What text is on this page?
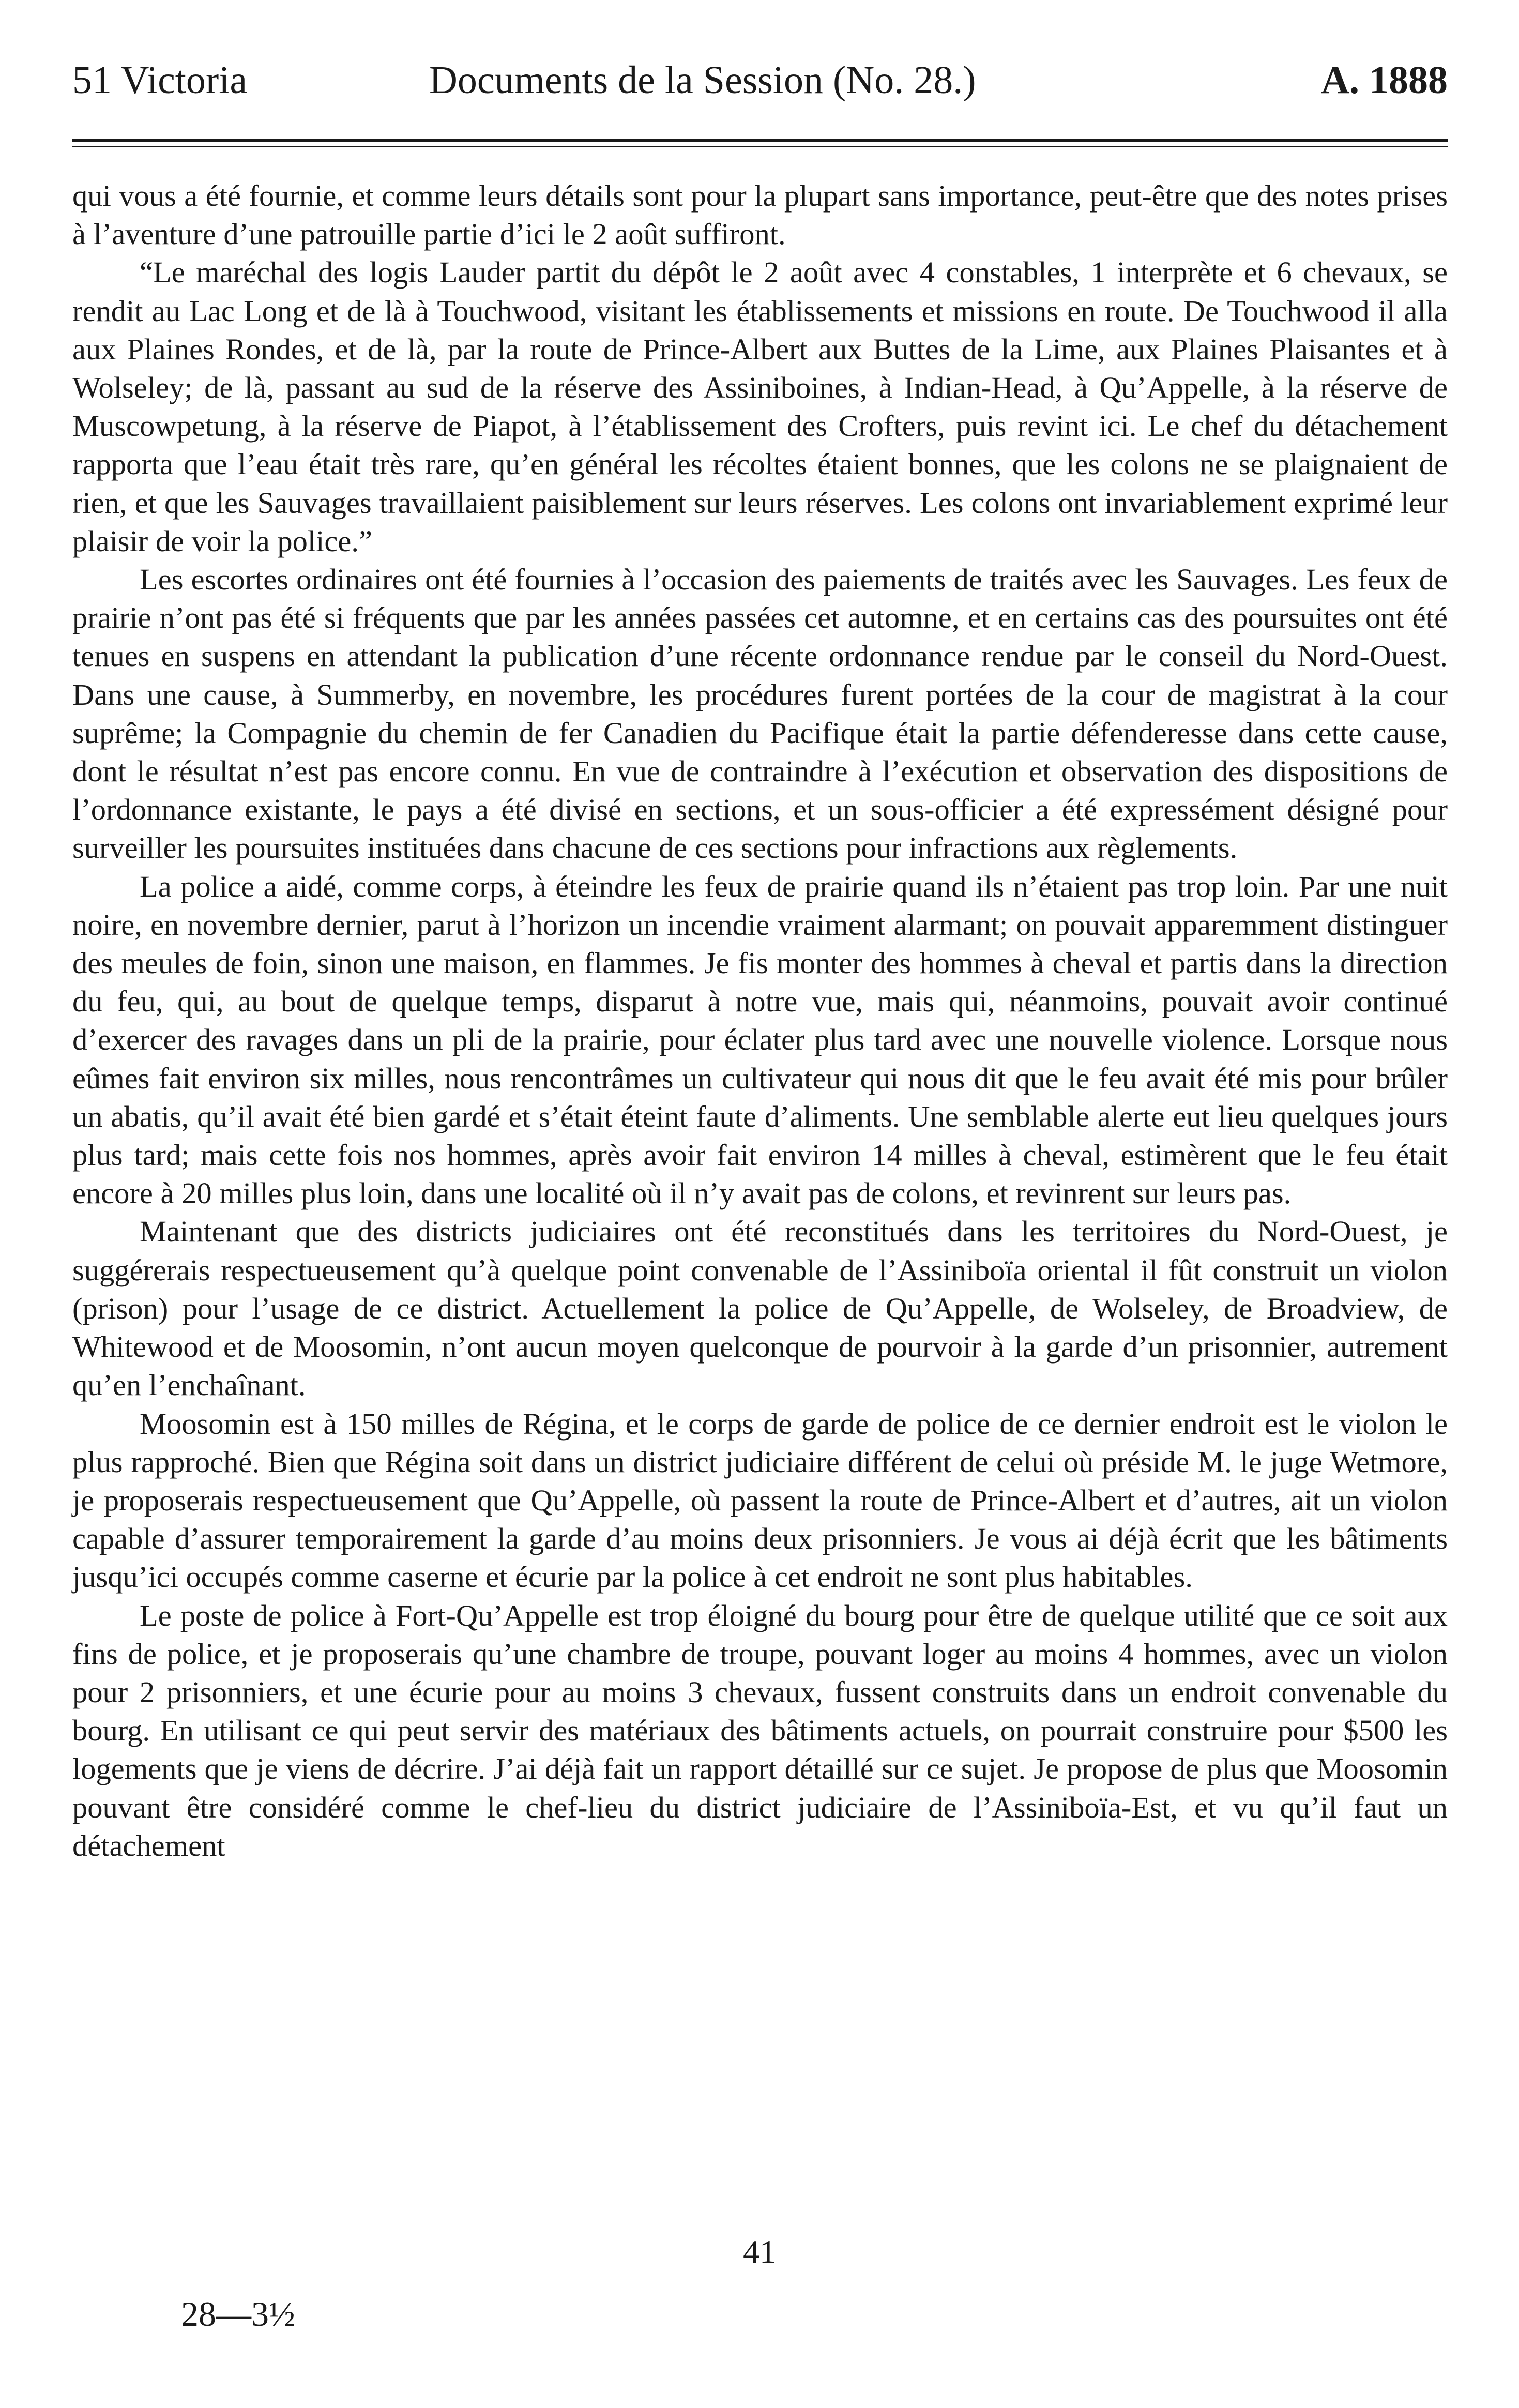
51 Victoria	Documents de la Session (No. 28.)	A. 1888

qui vous a été fournie, et comme leurs détails sont pour la plupart sans importance, peut-être que des notes prises à l’aventure d’une patrouille partie d’ici le 2 août suffiront.

“Le maréchal des logis Lauder partit du dépôt le 2 août avec 4 constables, 1 interprète et 6 chevaux, se rendit au Lac Long et de là à Touchwood, visitant les établissements et missions en route. De Touchwood il alla aux Plaines Rondes, et de là, par la route de Prince-Albert aux Buttes de la Lime, aux Plaines Plaisantes et à Wolseley; de là, passant au sud de la réserve des Assiniboines, à Indian-Head, à Qu’Appelle, à la réserve de Muscowpetung, à la réserve de Piapot, à l’établissement des Crofters, puis revint ici. Le chef du détachement rapporta que l’eau était très rare, qu’en général les récoltes étaient bonnes, que les colons ne se plaignaient de rien, et que les Sauvages travaillaient paisiblement sur leurs réserves. Les colons ont invariablement exprimé leur plaisir de voir la police.”

Les escortes ordinaires ont été fournies à l’occasion des paiements de traités avec les Sauvages. Les feux de prairie n’ont pas été si fréquents que par les années passées cet automne, et en certains cas des poursuites ont été tenues en suspens en attendant la publication d’une récente ordonnance rendue par le conseil du Nord-Ouest. Dans une cause, à Summerby, en novembre, les procédures furent portées de la cour de magistrat à la cour suprême; la Compagnie du chemin de fer Canadien du Pacifique était la partie défenderesse dans cette cause, dont le résultat n’est pas encore connu. En vue de contraindre à l’exécution et observation des dispositions de l’ordonnance existante, le pays a été divisé en sections, et un sous-officier a été expressément désigné pour surveiller les poursuites instituées dans chacune de ces sections pour infractions aux règlements.

La police a aidé, comme corps, à éteindre les feux de prairie quand ils n’étaient pas trop loin. Par une nuit noire, en novembre dernier, parut à l’horizon un incendie vraiment alarmant; on pouvait apparemment distinguer des meules de foin, sinon une maison, en flammes. Je fis monter des hommes à cheval et partis dans la direction du feu, qui, au bout de quelque temps, disparut à notre vue, mais qui, néanmoins, pouvait avoir continué d’exercer des ravages dans un pli de la prairie, pour éclater plus tard avec une nouvelle violence. Lorsque nous eûmes fait environ six milles, nous rencontrâmes un cultivateur qui nous dit que le feu avait été mis pour brûler un abatis, qu’il avait été bien gardé et s’était éteint faute d’aliments. Une semblable alerte eut lieu quelques jours plus tard; mais cette fois nos hommes, après avoir fait environ 14 milles à cheval, estimèrent que le feu était encore à 20 milles plus loin, dans une localité où il n’y avait pas de colons, et revinrent sur leurs pas.

Maintenant que des districts judiciaires ont été reconstitués dans les territoires du Nord-Ouest, je suggérerais respectueusement qu’à quelque point convenable de l’Assiniboïa oriental il fût construit un violon (prison) pour l’usage de ce district. Actuellement la police de Qu’Appelle, de Wolseley, de Broadview, de Whitewood et de Moosomin, n’ont aucun moyen quelconque de pourvoir à la garde d’un prisonnier, autrement qu’en l’enchaînant.

Moosomin est à 150 milles de Régina, et le corps de garde de police de ce dernier endroit est le violon le plus rapproché. Bien que Régina soit dans un district judiciaire différent de celui où préside M. le juge Wetmore, je proposerais respectueusement que Qu’Appelle, où passent la route de Prince-Albert et d’autres, ait un violon capable d’assurer temporairement la garde d’au moins deux prisonniers. Je vous ai déjà écrit que les bâtiments jusqu’ici occupés comme caserne et écurie par la police à cet endroit ne sont plus habitables.

Le poste de police à Fort-Qu’Appelle est trop éloigné du bourg pour être de quelque utilité que ce soit aux fins de police, et je proposerais qu’une chambre de troupe, pouvant loger au moins 4 hommes, avec un violon pour 2 prisonniers, et une écurie pour au moins 3 chevaux, fussent construits dans un endroit convenable du bourg. En utilisant ce qui peut servir des matériaux des bâtiments actuels, on pourrait construire pour $500 les logements que je viens de décrire. J’ai déjà fait un rapport détaillé sur ce sujet. Je propose de plus que Moosomin pouvant être considéré comme le chef-lieu du district judiciaire de l’Assiniboïa-Est, et vu qu’il faut un détachement

41
28—3½
